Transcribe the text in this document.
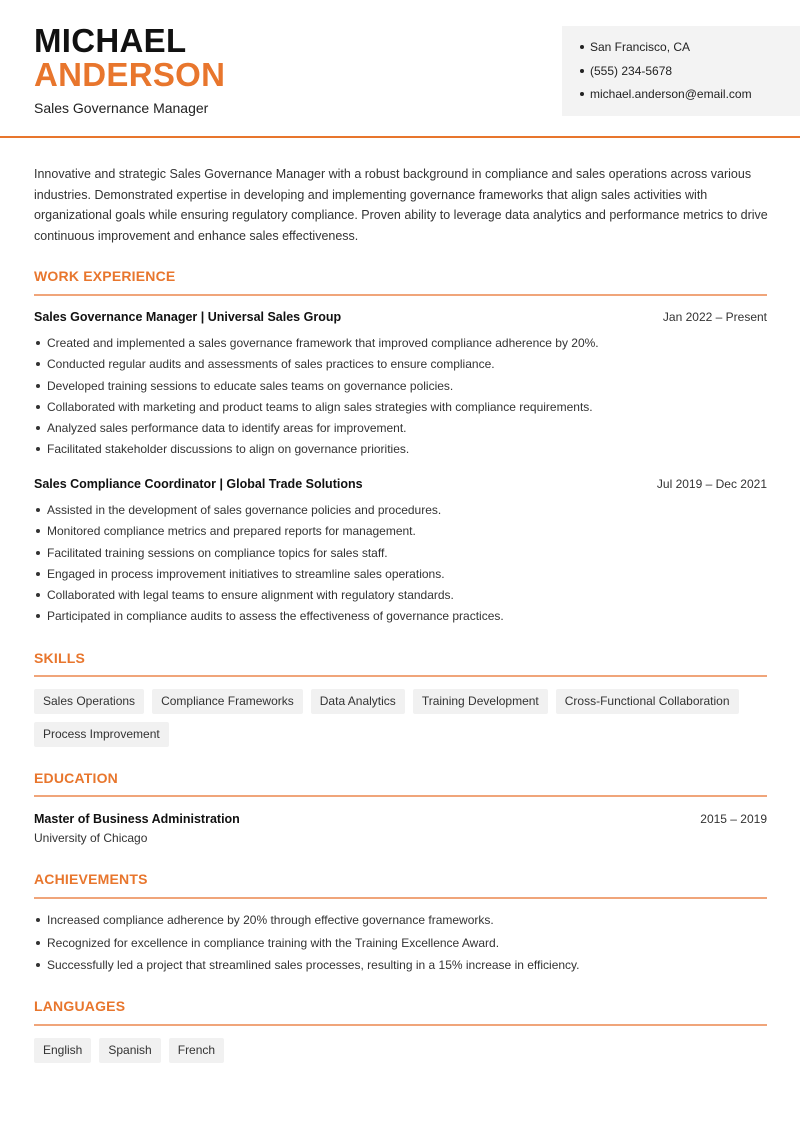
MICHAEL
ANDERSON
Sales Governance Manager
San Francisco, CA
(555) 234-5678
michael.anderson@email.com

Innovative and strategic Sales Governance Manager with a robust background in compliance and sales operations across various industries. Demonstrated expertise in developing and implementing governance frameworks that align sales activities with organizational goals while ensuring regulatory compliance. Proven ability to leverage data analytics and performance metrics to drive continuous improvement and enhance sales effectiveness.

WORK EXPERIENCE
Sales Governance Manager | Universal Sales Group	Jan 2022 – Present
Created and implemented a sales governance framework that improved compliance adherence by 20%.
Conducted regular audits and assessments of sales practices to ensure compliance.
Developed training sessions to educate sales teams on governance policies.
Collaborated with marketing and product teams to align sales strategies with compliance requirements.
Analyzed sales performance data to identify areas for improvement.
Facilitated stakeholder discussions to align on governance priorities.
Sales Compliance Coordinator | Global Trade Solutions	Jul 2019 – Dec 2021
Assisted in the development of sales governance policies and procedures.
Monitored compliance metrics and prepared reports for management.
Facilitated training sessions on compliance topics for sales staff.
Engaged in process improvement initiatives to streamline sales operations.
Collaborated with legal teams to ensure alignment with regulatory standards.
Participated in compliance audits to assess the effectiveness of governance practices.
SKILLS
Sales Operations	Compliance Frameworks	Data Analytics	Training Development	Cross-Functional Collaboration
Process Improvement
EDUCATION
Master of Business Administration	2015 – 2019
University of Chicago
ACHIEVEMENTS
Increased compliance adherence by 20% through effective governance frameworks.
Recognized for excellence in compliance training with the Training Excellence Award.
Successfully led a project that streamlined sales processes, resulting in a 15% increase in efficiency.
LANGUAGES
English	Spanish	French
